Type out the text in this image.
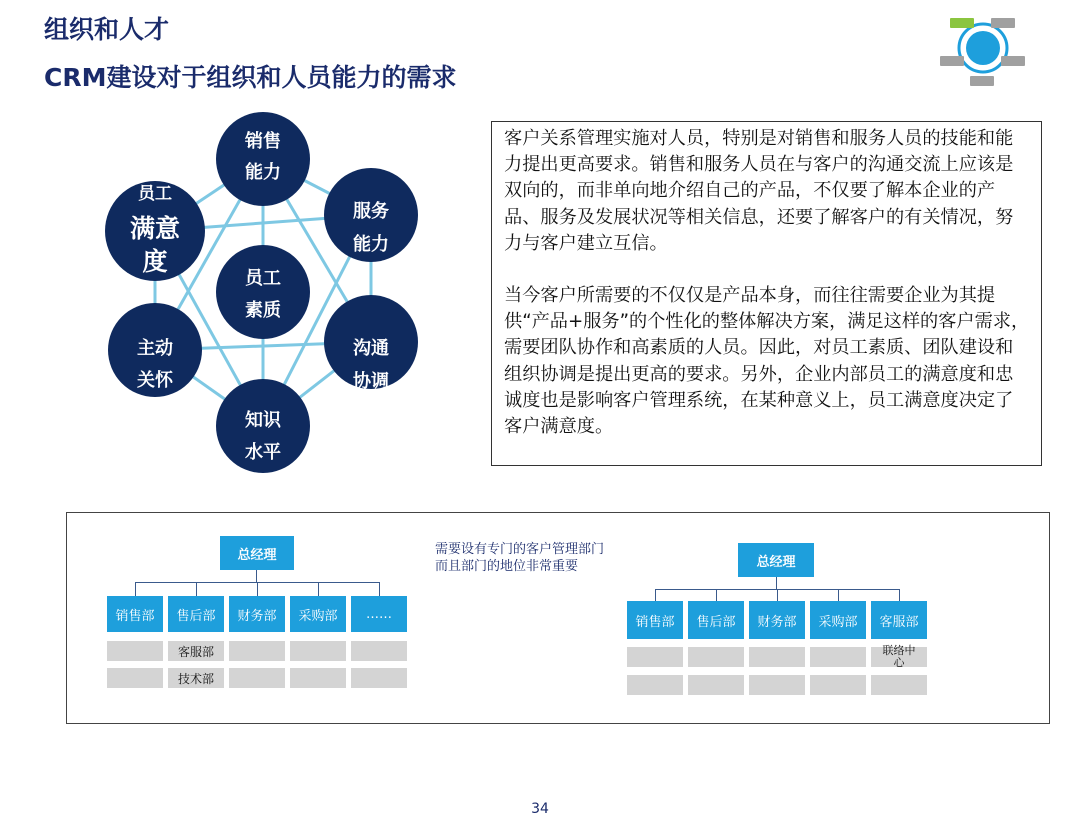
组织和人才
CRM建设对于组织和人员能力的需求
销售
能力
服务
能力
沟通
协调
知识
水平
主动
关怀
员工
满意
度
员工
素质

客户关系管理实施对人员，特别是对销售和服务人员的技能和能力提出更高要求。销售和服务人员在与客户的沟通交流上应该是双向的，而非单向地介绍自己的产品，不仅要了解本企业的产品、服务及发展状况等相关信息，还要了解客户的有关情况，努力与客户建立互信。

当今客户所需要的不仅仅是产品本身，而往往需要企业为其提供“产品+服务”的个性化的整体解决方案，满足这样的客户需求，需要团队协作和高素质的人员。因此，对员工素质、团队建设和组织协调是提出更高的要求。另外，企业内部员工的满意度和忠诚度也是影响客户管理系统，在某种意义上，员工满意度决定了客户满意度。

总经理
销售部	售后部	财务部	采购部	……
客服部
技术部
需要设有专门的客户管理部门
而且部门的地位非常重要	总经理
销售部	售后部	财务部	采购部	客服部
联络中心
34
